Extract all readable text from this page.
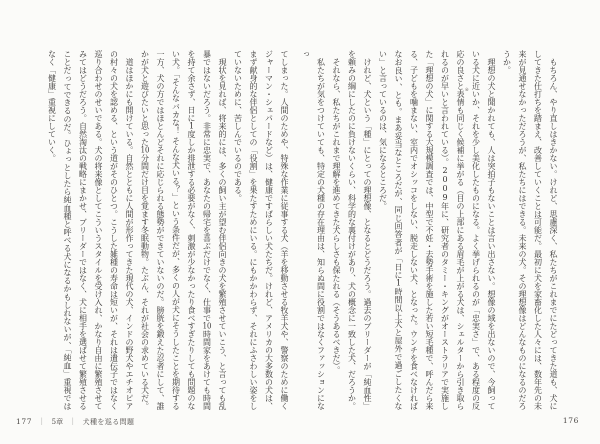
てしまった。人間のためや、特殊な作業に従事する犬（羊を移動させる牧羊犬や、警察のために働くジャーマン・シェパードなど）は、健康ですばらしい犬たちだ。けれど、アメリカの大多数の犬は、まず献身的な伴侶としての「役割」を果たすためにいる。にもかかわらず、それにふさわしい姿をしていないために、苦しんでいるのである。

現状を見れば、将来的には、多くの飼い主が望む伴侶向きの犬を繁殖させていこう、と言っても乱暴ではないだろう。非常に忠実で、あなたの帰宅を喜ぶだけでなく、仕事で10時間家をあけても時間を持て余さず、日に1度しか排泄する必要がなく、刺激が少なかったり食べすぎたりしても問題のない犬。「そんなバカな！ そんな犬いる？」という条件だが、多くの人が犬にそうしたことを期待する一方、犬の方ではほとんどそれに応じられる態勢ができていないのだ。膀胱を鍛えた忍者にして、誰かが犬と遊びたいと思った10分間だけ目を覚ます冬眠動物。たぶん、それが社会の求めている犬だ。

道はほかにも開けている。自然とともに人間が形作ってきた現代の犬、インドの野犬やエチオピアの村々の犬を認める、という道がそのひとつ。こうした雑種の寿命は短いが、それは遺伝子ではなく巡り合わせのせいである。犬の将来像としてこういうスタイルを受け入れ、かなり自由に繁殖させてみてはどうだろう。自然淘汰の戦略にまかせ、ブリーダーではなく、犬に相手を選ばせて繁殖させることだってできるのだ。ひょっとしたら純血種と呼べる犬になるかもしれないが、「純血」重視ではなく「健康」重視にしていく。	もちろん、やり直しはきかない。けれど、思慮深く、私たちがこれまでにたどってきた道も、犬にしてきた仕打ちを踏まえ、改善していくことは可能だ。最初に犬を家畜化した人々には、数年先の未来が見通せなかっただろうが、私たちにはできる。未来の犬。その理想像はどんなものになるのだろうか。

理想の犬と聞かれても、人は突拍子もないことは言い出さない。想像の域を出ないので、今飼っている犬に近いか、それを少し美化したものになる。よく挙げられるのが「忠実さ」で、ある程度の反応の良さと表情も同じく候補に挙がる（目の上部にある眉毛が上がる犬は、シェルターから引き取られるのが早いと言われている）。2009年に、研究者のタミー・キングがオーストラリアで実施した「理想の犬」に関する大規模調査では、中型で不妊・去勢手術を施した若い短毛種で、呼んだら来る、子どもを噛まない、室内でオシッコをしない、脱走しない犬、となった。ウンチを食べなければなお良い、とも。まあ妥当なところだが、同じ回答者が「日に1時間以上犬と屋外で過ごしたくない」と言っているのは、気になるところだ。

けれど、犬という「種」にとっての理想像、となるとどうだろう。過去のブリーダーが「純血性」を頼みの綱にしたのに負けないくらい、科学的な裏付けがあり、犬の概念に一致した犬、だろうか。

それなら、私たちがこれまで理解を進めてきた犬らしさも保たれる（そうあるべきだ）。

私たちが気をつけていても、特定の犬種の存在理由は、知らぬ間に役割ではなくファッションになっ

※
177 ｜ 5章 ｜ 犬種を巡る問題	176
